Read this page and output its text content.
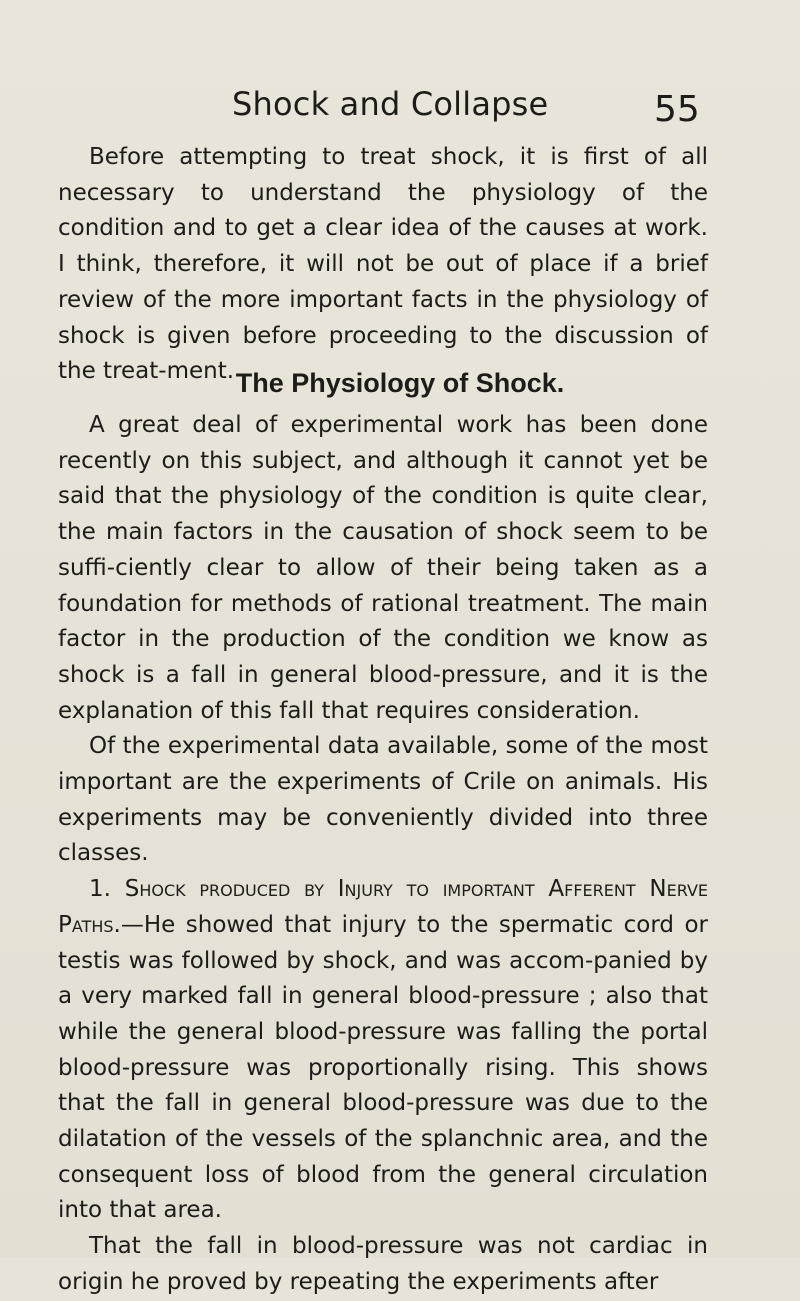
Shock and Collapse	55

Before attempting to treat shock, it is first of all necessary to understand the physiology of the condition and to get a clear idea of the causes at work. I think, therefore, it will not be out of place if a brief review of the more important facts in the physiology of shock is given before proceeding to the discussion of the treat-ment. The Physiology of Shock.

A great deal of experimental work has been done recently on this subject, and although it cannot yet be said that the physiology of the condition is quite clear, the main factors in the causation of shock seem to be suffi-ciently clear to allow of their being taken as a foundation for methods of rational treatment. The main factor in the production of the condition we know as shock is a fall in general blood-pressure, and it is the explanation of this fall that requires consideration.

Of the experimental data available, some of the most important are the experiments of Crile on animals. His experiments may be conveniently divided into three classes.

1. Shock produced by Injury to important Afferent Nerve Paths.—He showed that injury to the spermatic cord or testis was followed by shock, and was accom-panied by a very marked fall in general blood-pressure ; also that while the general blood-pressure was falling the portal blood-pressure was proportionally rising. This shows that the fall in general blood-pressure was due to the dilatation of the vessels of the splanchnic area, and the consequent loss of blood from the general circulation into that area.

That the fall in blood-pressure was not cardiac in origin he proved by repeating the experiments after
